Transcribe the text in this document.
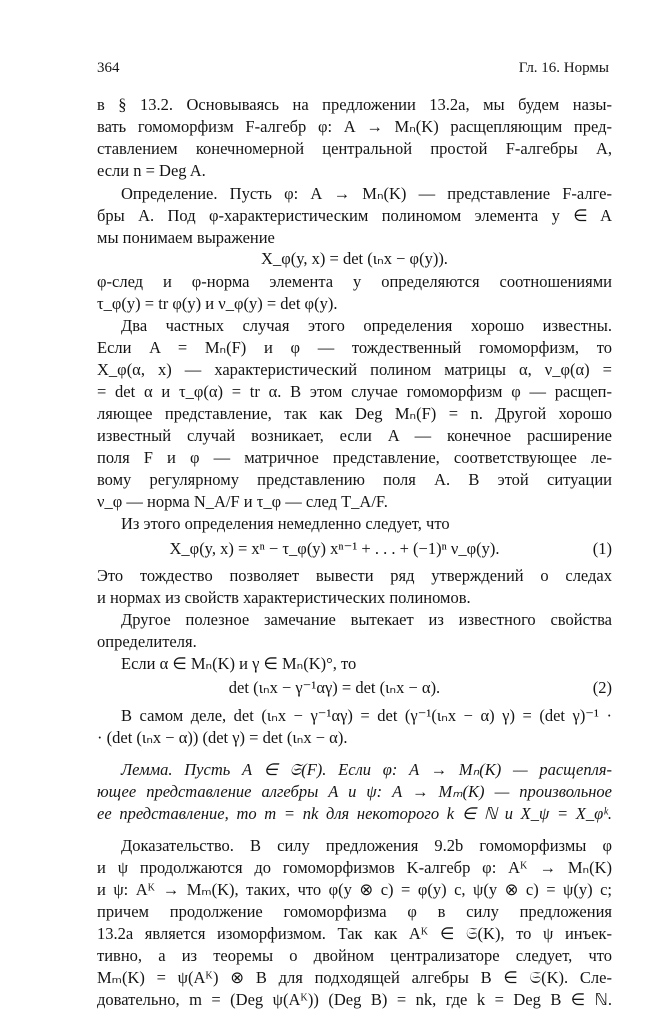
364	Гл. 16. Нормы
в § 13.2. Основываясь на предложении 13.2a, мы будем назы-
вать гомоморфизм F-алгебр φ: A → Mₙ(K) расщепляющим пред-
ставлением конечномерной центральной простой F-алгебры A,
если n = Deg A.
Определение. Пусть φ: A → Mₙ(K) — представление F-алге-
бры A. Под φ-характеристическим полиномом элемента y ∈ A
мы понимаем выражение
X_φ(y, x) = det (ιₙx − φ(y)).
φ-след и φ-норма элемента y определяются соотношениями
τ_φ(y) = tr φ(y) и ν_φ(y) = det φ(y).
Два частных случая этого определения хорошо известны.
Если A = Mₙ(F) и φ — тождественный гомоморфизм, то
X_φ(α, x) — характеристический полином матрицы α, ν_φ(α) =
= det α и τ_φ(α) = tr α. В этом случае гомоморфизм φ — расщеп-
ляющее представление, так как Deg Mₙ(F) = n. Другой хорошо
известный случай возникает, если A — конечное расширение
поля F и φ — матричное представление, соответствующее ле-
вому регулярному представлению поля A. В этой ситуации
ν_φ — норма N_A/F и τ_φ — след T_A/F.
Из этого определения немедленно следует, что
X_φ(y, x) = xⁿ − τ_φ(y) xⁿ⁻¹ + . . . + (−1)ⁿ ν_φ(y).	(1)
Это тождество позволяет вывести ряд утверждений о следах
и нормах из свойств характеристических полиномов.
Другое полезное замечание вытекает из известного свойства
определителя.
Если α ∈ Mₙ(K) и γ ∈ Mₙ(K)°, то
det (ιₙx − γ⁻¹αγ) = det (ιₙx − α).	(2)
В самом деле, det (ιₙx − γ⁻¹αγ) = det (γ⁻¹(ιₙx − α) γ) = (det γ)⁻¹ ·
· (det (ιₙx − α)) (det γ) = det (ιₙx − α).
Лемма. Пусть A ∈ 𝔖(F). Если φ: A → Mₙ(K) — расщепля-
ющее представление алгебры A и ψ: A → Mₘ(K) — произвольное
ее представление, то m = nk для некоторого k ∈ ℕ и X_ψ = X_φᵏ.
Доказательство. В силу предложения 9.2b гомоморфизмы φ
и ψ продолжаются до гомоморфизмов K-алгебр φ: Aᴷ → Mₙ(K)
и ψ: Aᴷ → Mₘ(K), таких, что φ(y ⊗ c) = φ(y) c, ψ(y ⊗ c) = ψ(y) c;
причем продолжение гомоморфизма φ в силу предложения
13.2a является изоморфизмом. Так как Aᴷ ∈ 𝔖(K), то ψ инъек-
тивно, а из теоремы о двойном централизаторе следует, что
Mₘ(K) = ψ(Aᴷ) ⊗ B для подходящей алгебры B ∈ 𝔖(K). Сле-
довательно, m = (Deg ψ(Aᴷ)) (Deg B) = nk, где k = Deg B ∈ ℕ.
